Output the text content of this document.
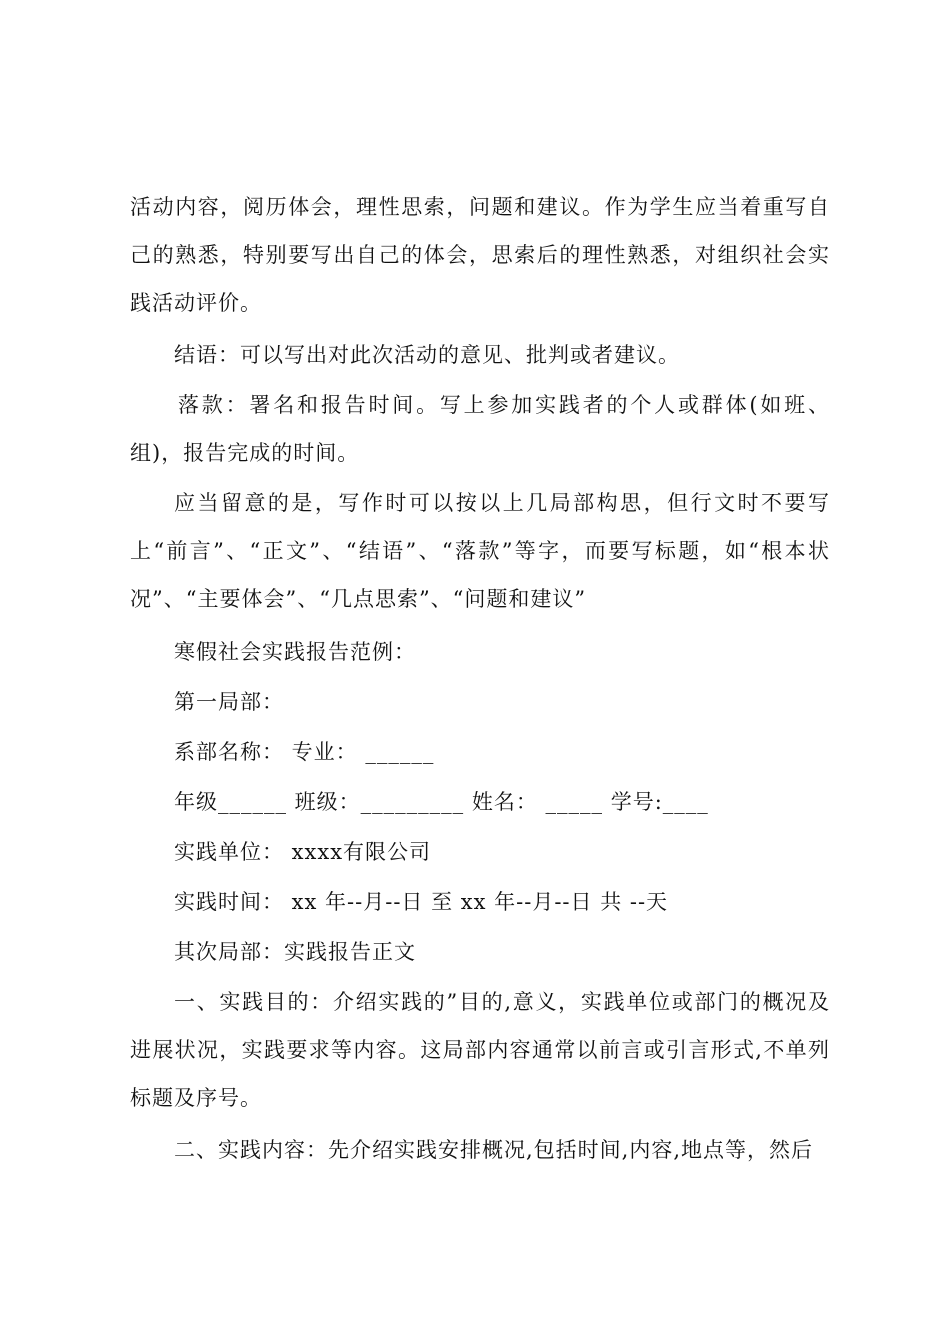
活动内容，阅历体会，理性思索，问题和建议。作为学生应当着重写自己的熟悉，特别要写出自己的体会，思索后的理性熟悉，对组织社会实践活动评价。

结语：可以写出对此次活动的意见、批判或者建议。

落款：署名和报告时间。写上参加实践者的个人或群体(如班、组)，报告完成的时间。

应当留意的是，写作时可以按以上几局部构思，但行文时不要写上“前言”、“正文”、“结语”、“落款”等字，而要写标题，如“根本状况”、“主要体会”、“几点思索”、“问题和建议”

寒假社会实践报告范例：

第一局部：

系部名称： 专业： ______

年级______ 班级：_________ 姓名： _____ 学号:____

实践单位： xxxx有限公司

实践时间： xx 年--月--日 至 xx 年--月--日 共 --天

其次局部：实践报告正文

一、实践目的：介绍实践的”目的,意义，实践单位或部门的概况及进展状况，实践要求等内容。这局部内容通常以前言或引言形式,不单列标题及序号。

二、实践内容：先介绍实践安排概况,包括时间,内容,地点等，然后
